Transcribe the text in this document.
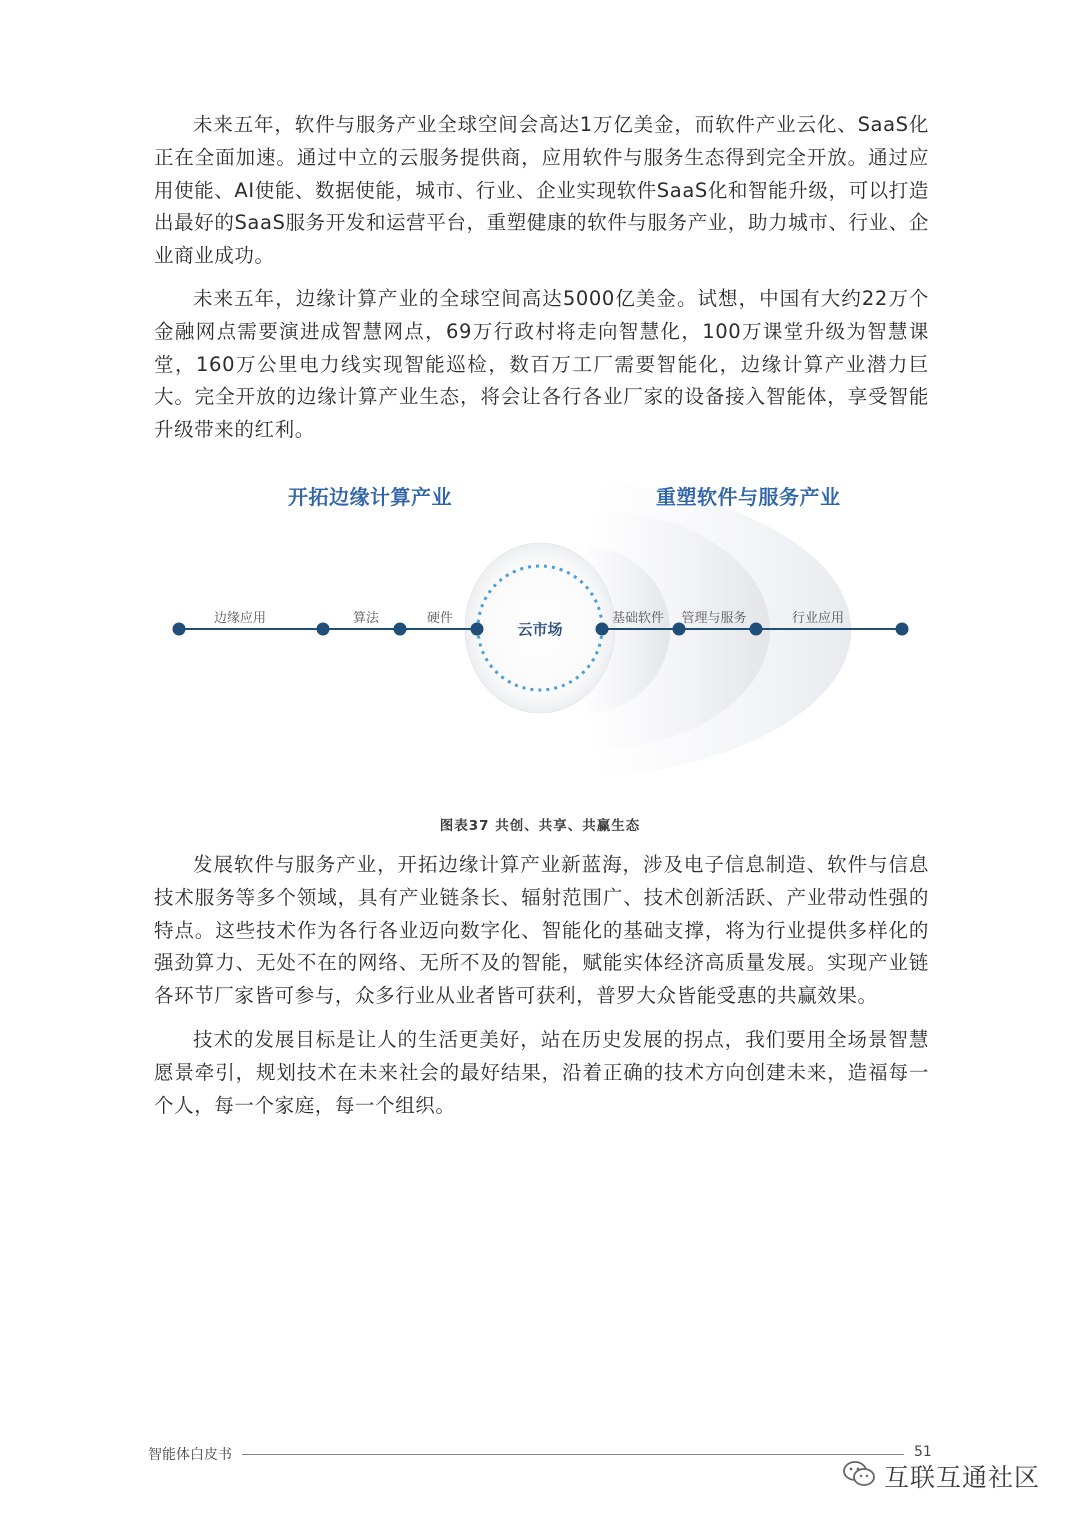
未来五年，软件与服务产业全球空间会高达1万亿美金，而软件产业云化、SaaS化正在全面加速。通过中立的云服务提供商，应用软件与服务生态得到完全开放。通过应用使能、AI使能、数据使能，城市、行业、企业实现软件SaaS化和智能升级，可以打造出最好的SaaS服务开发和运营平台，重塑健康的软件与服务产业，助力城市、行业、企业商业成功。

未来五年，边缘计算产业的全球空间高达5000亿美金。试想，中国有大约22万个金融网点需要演进成智慧网点，69万行政村将走向智慧化，100万课堂升级为智慧课堂，160万公里电力线实现智能巡检，数百万工厂需要智能化，边缘计算产业潜力巨大。完全开放的边缘计算产业生态，将会让各行各业厂家的设备接入智能体，享受智能升级带来的红利。

开拓边缘计算产业	重塑软件与服务产业
边缘应用	算法	硬件	基础软件 管理与服务	行业应用
云市场
图表37 共创、共享、共赢生态

发展软件与服务产业，开拓边缘计算产业新蓝海，涉及电子信息制造、软件与信息技术服务等多个领域，具有产业链条长、辐射范围广、技术创新活跃、产业带动性强的特点。这些技术作为各行各业迈向数字化、智能化的基础支撑，将为行业提供多样化的强劲算力、无处不在的网络、无所不及的智能，赋能实体经济高质量发展。实现产业链各环节厂家皆可参与，众多行业从业者皆可获利，普罗大众皆能受惠的共赢效果。

技术的发展目标是让人的生活更美好，站在历史发展的拐点，我们要用全场景智慧愿景牵引，规划技术在未来社会的最好结果，沿着正确的技术方向创建未来，造福每一个人，每一个家庭，每一个组织。

智能体白皮书	51
互联互通社区
